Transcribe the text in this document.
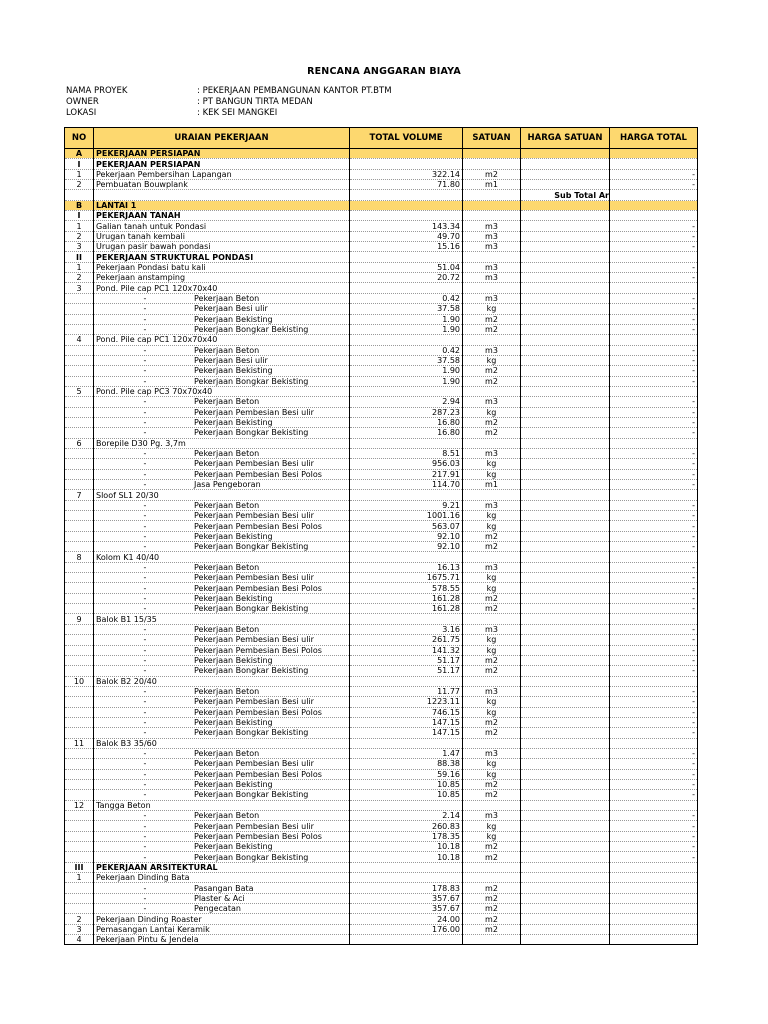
RENCANA ANGGARAN BIAYA
NAMA PROYEK	: PEKERJAAN PEMBANGUNAN KANTOR PT.BTM
OWNER	: PT BANGUN TIRTA MEDAN
LOKASI	: KEK SEI MANGKEI
NO	URAIAN PEKERJAAN	TOTAL VOLUME	SATUAN	HARGA SATUAN	HARGA TOTAL
A	PEKERJAAN PERSIAPAN				
I	PEKERJAAN PERSIAPAN				
1	Pekerjaan Pembersihan Lapangan	322.14	m2		-
2	Pembuatan Bouwplank	71.80	m1		-
				Sub Total Ar	
B	LANTAI 1				
I	PEKERJAAN TANAH				
1	Galian tanah untuk Pondasi	143.34	m3		-
2	Urugan tanah kembali	49.70	m3		-
3	Urugan pasir bawah pondasi	15.16	m3		-
II	PEKERJAAN STRUKTURAL PONDASI				
1	Pekerjaan Pondasi batu kali	51.04	m3		-
2	Pekerjaan anstamping	20.72	m3		-
3	Pond. Pile cap PC1 120x70x40				
	- Pekerjaan Beton	0.42	m3		-
	- Pekerjaan Besi ulir	37.58	kg		-
	- Pekerjaan Bekisting	1.90	m2		-
	- Pekerjaan Bongkar Bekisting	1.90	m2		-
4	Pond. Pile cap PC1 120x70x40				
	- Pekerjaan Beton	0.42	m3		-
	- Pekerjaan Besi ulir	37.58	kg		-
	- Pekerjaan Bekisting	1.90	m2		-
	- Pekerjaan Bongkar Bekisting	1.90	m2		-
5	Pond. Pile cap PC3 70x70x40				
	- Pekerjaan Beton	2.94	m3		-
	- Pekerjaan Pembesian Besi ulir	287.23	kg		-
	- Pekerjaan Bekisting	16.80	m2		-
	- Pekerjaan Bongkar Bekisting	16.80	m2		-
6	Borepile D30 Pg. 3,7m				
	- Pekerjaan Beton	8.51	m3		-
	- Pekerjaan Pembesian Besi ulir	956.03	kg		-
	- Pekerjaan Pembesian Besi Polos	217.91	kg		-
	- Jasa Pengeboran	114.70	m1		-
7	Sloof SL1 20/30				
	- Pekerjaan Beton	9.21	m3		-
	- Pekerjaan Pembesian Besi ulir	1001.16	kg		-
	- Pekerjaan Pembesian Besi Polos	563.07	kg		-
	- Pekerjaan Bekisting	92.10	m2		-
	- Pekerjaan Bongkar Bekisting	92.10	m2		-
8	Kolom K1 40/40				
	- Pekerjaan Beton	16.13	m3		-
	- Pekerjaan Pembesian Besi ulir	1675.71	kg		-
	- Pekerjaan Pembesian Besi Polos	578.55	kg		-
	- Pekerjaan Bekisting	161.28	m2		-
	- Pekerjaan Bongkar Bekisting	161.28	m2		-
9	Balok B1 15/35				
	- Pekerjaan Beton	3.16	m3		-
	- Pekerjaan Pembesian Besi ulir	261.75	kg		-
	- Pekerjaan Pembesian Besi Polos	141.32	kg		-
	- Pekerjaan Bekisting	51.17	m2		-
	- Pekerjaan Bongkar Bekisting	51.17	m2		-
10	Balok B2 20/40				
	- Pekerjaan Beton	11.77	m3		-
	- Pekerjaan Pembesian Besi ulir	1223.11	kg		-
	- Pekerjaan Pembesian Besi Polos	746.15	kg		-
	- Pekerjaan Bekisting	147.15	m2		-
	- Pekerjaan Bongkar Bekisting	147.15	m2		-
11	Balok B3 35/60				
	- Pekerjaan Beton	1.47	m3		-
	- Pekerjaan Pembesian Besi ulir	88.38	kg		-
	- Pekerjaan Pembesian Besi Polos	59.16	kg		-
	- Pekerjaan Bekisting	10.85	m2		-
	- Pekerjaan Bongkar Bekisting	10.85	m2		-
12	Tangga Beton				
	- Pekerjaan Beton	2.14	m3		-
	- Pekerjaan Pembesian Besi ulir	260.83	kg		-
	- Pekerjaan Pembesian Besi Polos	178.35	kg		-
	- Pekerjaan Bekisting	10.18	m2		-
	- Pekerjaan Bongkar Bekisting	10.18	m2		-
III	PEKERJAAN ARSITEKTURAL				
1	Pekerjaan Dinding Bata				
	- Pasangan Bata	178.83	m2		
	- Plaster & Aci	357.67	m2		
	- Pengecatan	357.67	m2		
2	Pekerjaan Dinding Roaster	24.00	m2		
3	Pemasangan Lantai Keramik	176.00	m2		
4	Pekerjaan Pintu & Jendela				
